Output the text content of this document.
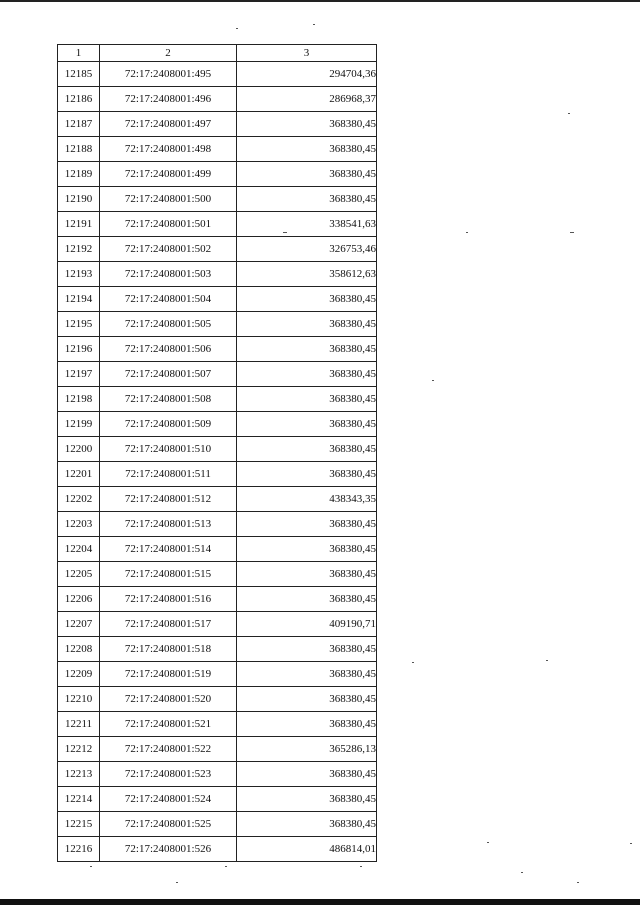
1	2	3
12185	72:17:2408001:495	294704,36
12186	72:17:2408001:496	286968,37
12187	72:17:2408001:497	368380,45
12188	72:17:2408001:498	368380,45
12189	72:17:2408001:499	368380,45
12190	72:17:2408001:500	368380,45
12191	72:17:2408001:501	338541,63
12192	72:17:2408001:502	326753,46
12193	72:17:2408001:503	358612,63
12194	72:17:2408001:504	368380,45
12195	72:17:2408001:505	368380,45
12196	72:17:2408001:506	368380,45
12197	72:17:2408001:507	368380,45
12198	72:17:2408001:508	368380,45
12199	72:17:2408001:509	368380,45
12200	72:17:2408001:510	368380,45
12201	72:17:2408001:511	368380,45
12202	72:17:2408001:512	438343,35
12203	72:17:2408001:513	368380,45
12204	72:17:2408001:514	368380,45
12205	72:17:2408001:515	368380,45
12206	72:17:2408001:516	368380,45
12207	72:17:2408001:517	409190,71
12208	72:17:2408001:518	368380,45
12209	72:17:2408001:519	368380,45
12210	72:17:2408001:520	368380,45
12211	72:17:2408001:521	368380,45
12212	72:17:2408001:522	365286,13
12213	72:17:2408001:523	368380,45
12214	72:17:2408001:524	368380,45
12215	72:17:2408001:525	368380,45
12216	72:17:2408001:526	486814,01
